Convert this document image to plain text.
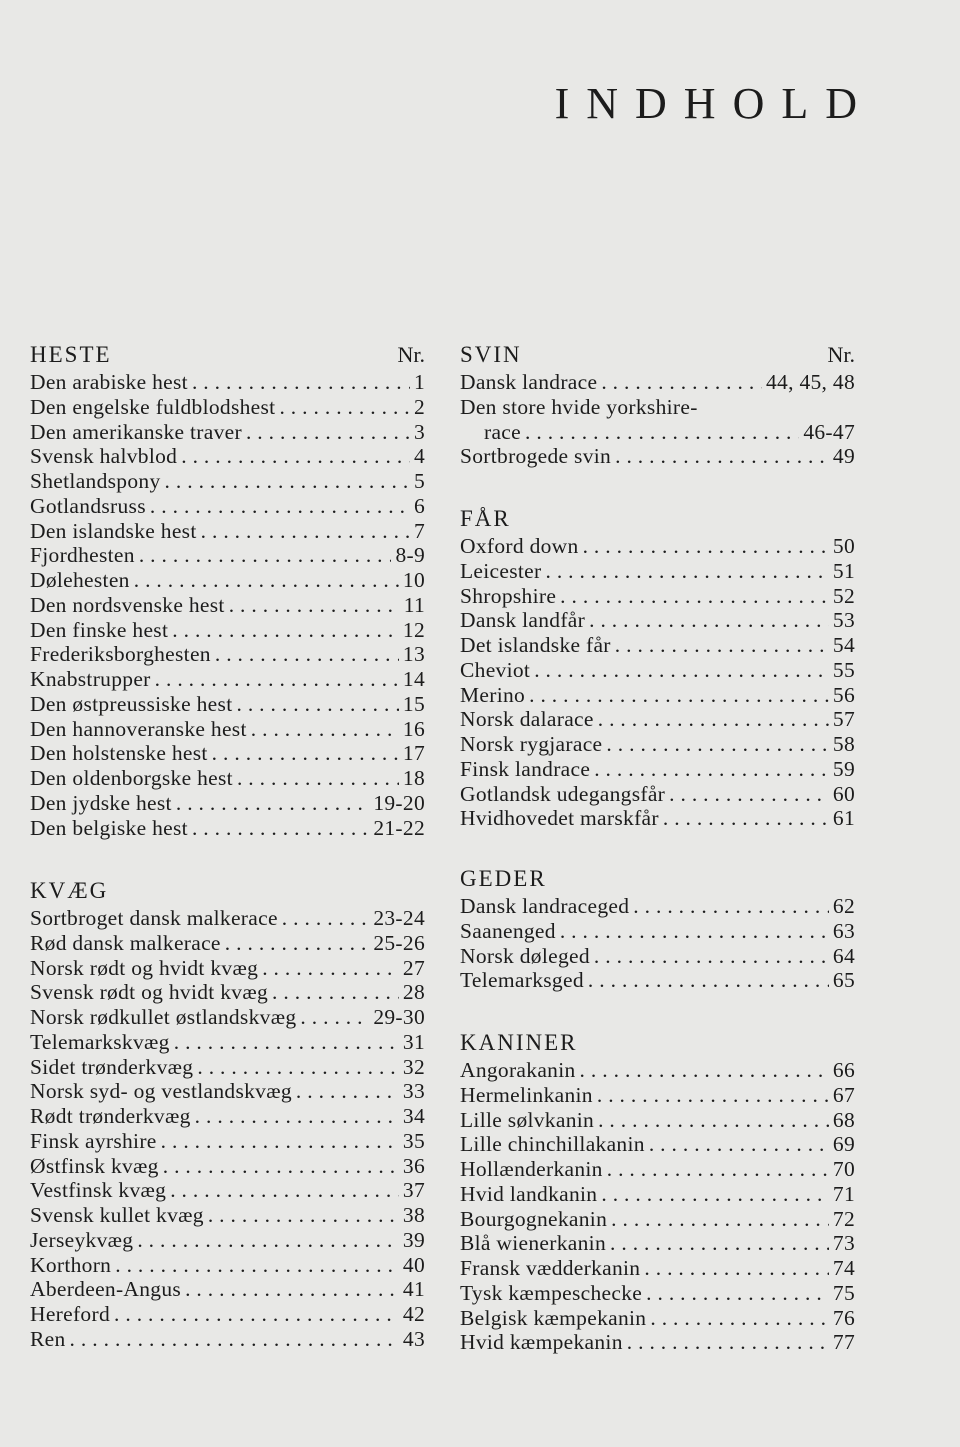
INDHOLD
HESTE	Nr.
Den arabiske hest . . .	1
Den engelske fuldblodshest . . .	2
Den amerikanske traver . . .	3
Svensk halvblod . . .	4
Shetlandspony . . .	5
Gotlandsruss . . .	6
Den islandske hest . . .	7
Fjordhesten . . .	8-9
Dølehesten . . .	10
Den nordsvenske hest . . .	11
Den finske hest . . .	12
Frederiksborghesten . . .	13
Knabstrupper . . .	14
Den østpreussiske hest . . .	15
Den hannoveranske hest . . .	16
Den holstenske hest . . .	17
Den oldenborgske hest . . .	18
Den jydske hest . . .	19-20
Den belgiske hest . . .	21-22
KVÆG
Sortbroget dansk malkerace . . .	23-24
Rød dansk malkerace . . .	25-26
Norsk rødt og hvidt kvæg . . .	27
Svensk rødt og hvidt kvæg . . .	28
Norsk rødkullet østlandskvæg . . .	29-30
Telemarkskvæg . . .	31
Sidet trønderkvæg . . .	32
Norsk syd- og vestlandskvæg . . .	33
Rødt trønderkvæg . . .	34
Finsk ayrshire . . .	35
Østfinsk kvæg . . .	36
Vestfinsk kvæg . . .	37
Svensk kullet kvæg . . .	38
Jerseykvæg . . .	39
Korthorn . . .	40
Aberdeen-Angus . . .	41
Hereford . . .	42
Ren . . .	43
SVIN	Nr.
Dansk landrace . . .	44, 45, 48
Den store hvide yorkshire-
race . . .	46-47
Sortbrogede svin . . .	49
FÅR
Oxford down . . .	50
Leicester . . .	51
Shropshire . . .	52
Dansk landfår . . .	53
Det islandske får . . .	54
Cheviot . . .	55
Merino . . .	56
Norsk dalarace . . .	57
Norsk rygjarace . . .	58
Finsk landrace . . .	59
Gotlandsk udegangsfår . . .	60
Hvidhovedet marskfår . . .	61
GEDER
Dansk landraceged . . .	62
Saanenged . . .	63
Norsk døleged . . .	64
Telemarksged . . .	65
KANINER
Angorakanin . . .	66
Hermelinkanin . . .	67
Lille sølvkanin . . .	68
Lille chinchillakanin . . .	69
Hollænderkanin . . .	70
Hvid landkanin . . .	71
Bourgognekanin . . .	72
Blå wienerkanin . . .	73
Fransk vædderkanin . . .	74
Tysk kæmpeschecke . . .	75
Belgisk kæmpekanin . . .	76
Hvid kæmpekanin . . .	77
